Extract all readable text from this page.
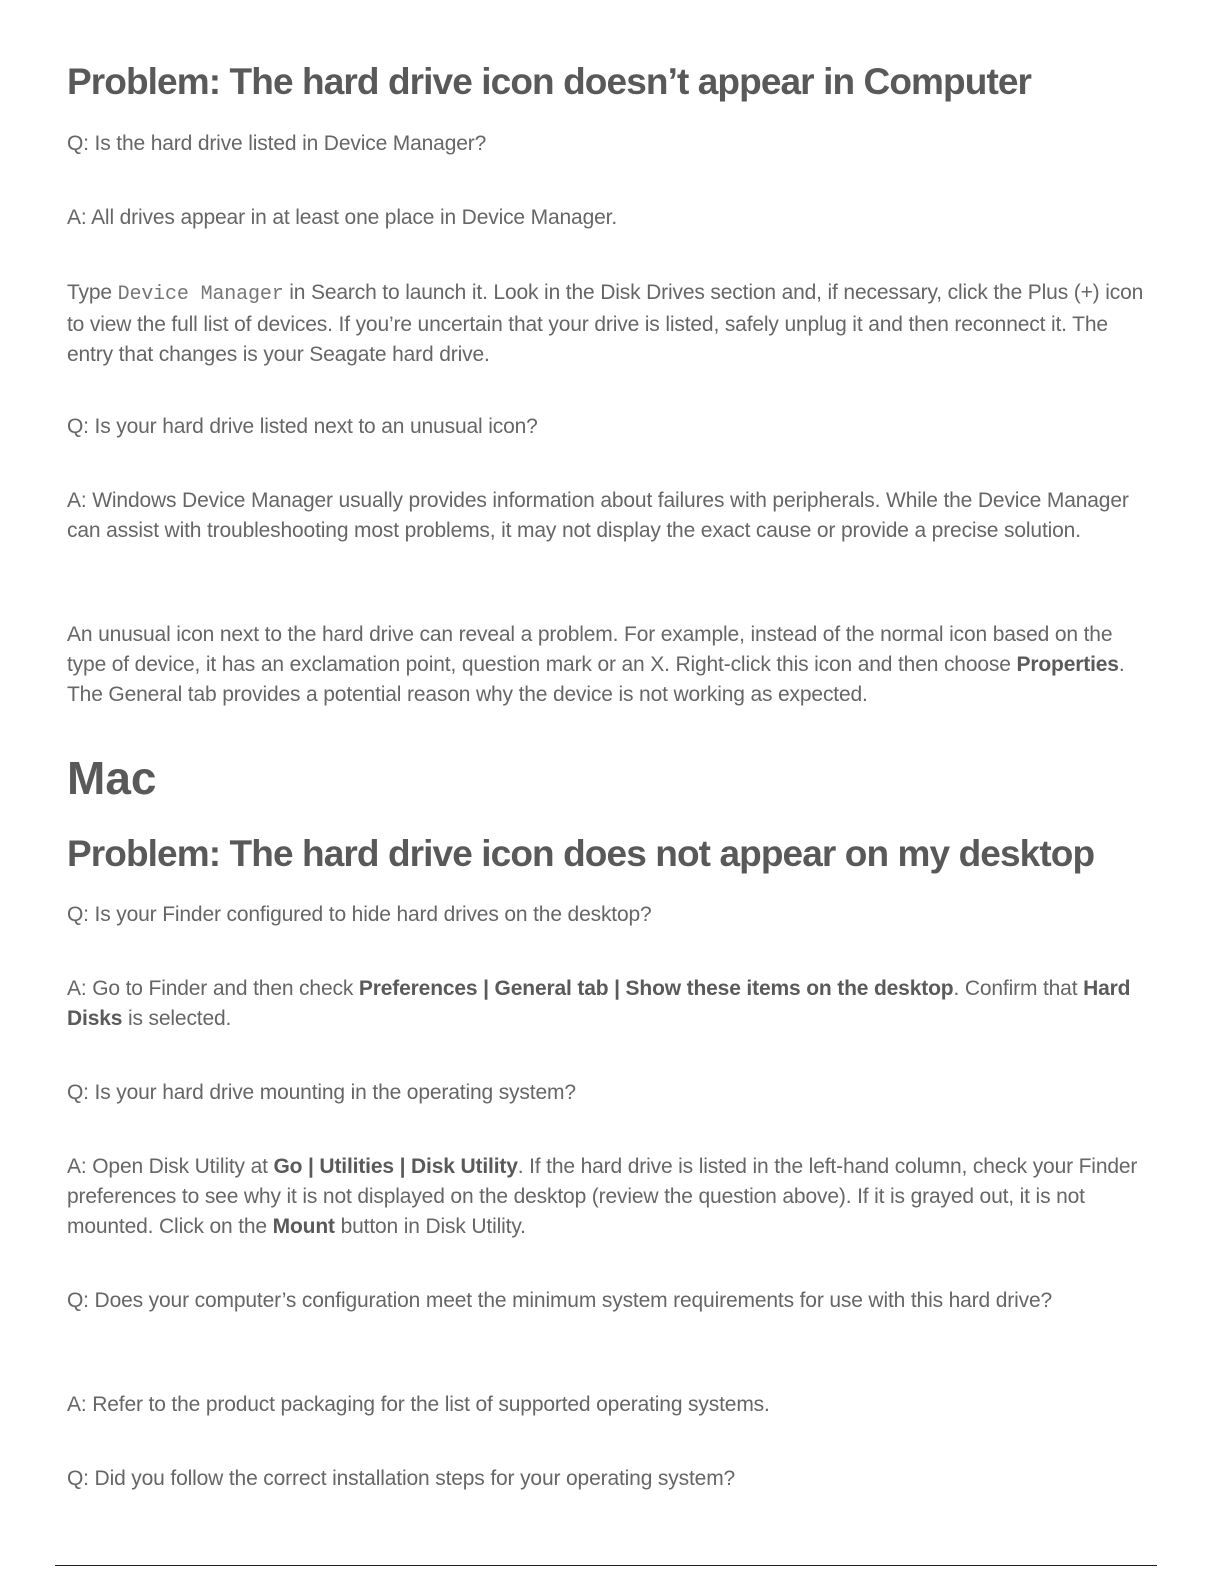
Problem: The hard drive icon doesn’t appear in Computer

Q: Is the hard drive listed in Device Manager?

A: All drives appear in at least one place in Device Manager.

Type Device Manager in Search to launch it. Look in the Disk Drives section and, if necessary, click the Plus (+) icon to view the full list of devices. If you’re uncertain that your drive is listed, safely unplug it and then reconnect it. The entry that changes is your Seagate hard drive.

Q: Is your hard drive listed next to an unusual icon?

A: Windows Device Manager usually provides information about failures with peripherals. While the Device Manager can assist with troubleshooting most problems, it may not display the exact cause or provide a precise solution.

An unusual icon next to the hard drive can reveal a problem. For example, instead of the normal icon based on the type of device, it has an exclamation point, question mark or an X. Right-click this icon and then choose Properties. The General tab provides a potential reason why the device is not working as expected.

Mac
Problem: The hard drive icon does not appear on my desktop

Q: Is your Finder configured to hide hard drives on the desktop?

A: Go to Finder and then check Preferences | General tab | Show these items on the desktop. Confirm that Hard Disks is selected.

Q: Is your hard drive mounting in the operating system?

A: Open Disk Utility at Go | Utilities | Disk Utility. If the hard drive is listed in the left-hand column, check your Finder preferences to see why it is not displayed on the desktop (review the question above). If it is grayed out, it is not mounted. Click on the Mount button in Disk Utility.

Q: Does your computer’s configuration meet the minimum system requirements for use with this hard drive?

A: Refer to the product packaging for the list of supported operating systems.

Q: Did you follow the correct installation steps for your operating system?
